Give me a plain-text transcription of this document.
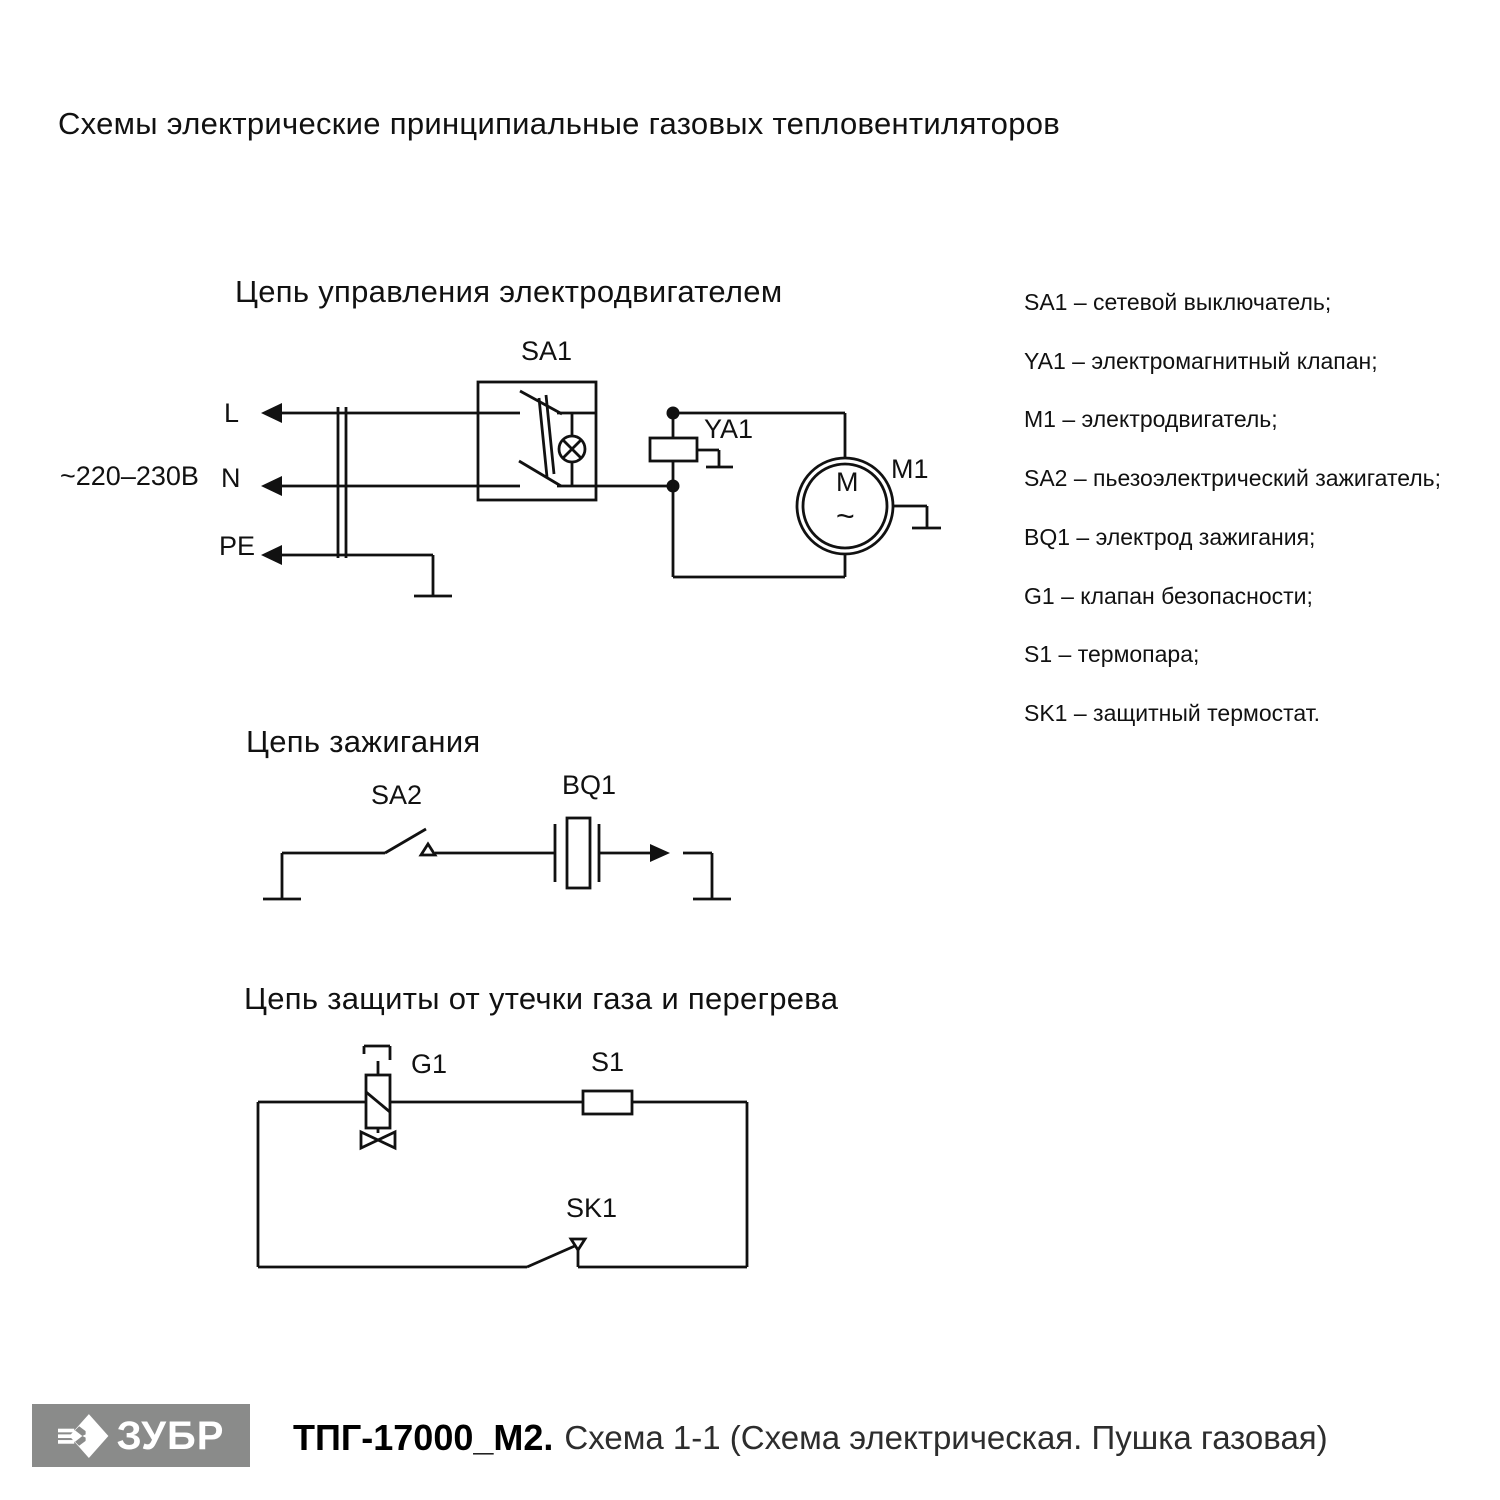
Схемы электрические принципиальные газовых тепловентиляторов
Цепь управления электродвигателем
~220–230В
L
N
PE
SA1
YA1
M1
M
~
Цепь зажигания
SA2	BQ1
Цепь защиты от утечки газа и перегрева
G1	S1
SK1
SA1 – сетевой выключатель;
YA1 – электромагнитный клапан;
M1 – электродвигатель;
SA2 – пьезоэлектрический зажигатель;
BQ1 – электрод зажигания;
G1 – клапан безопасности;
S1 – термопара;
SK1 – защитный термостат.
ЗУБР ТПГ-17000_М2. Схема 1-1 (Схема электрическая. Пушка газовая)
